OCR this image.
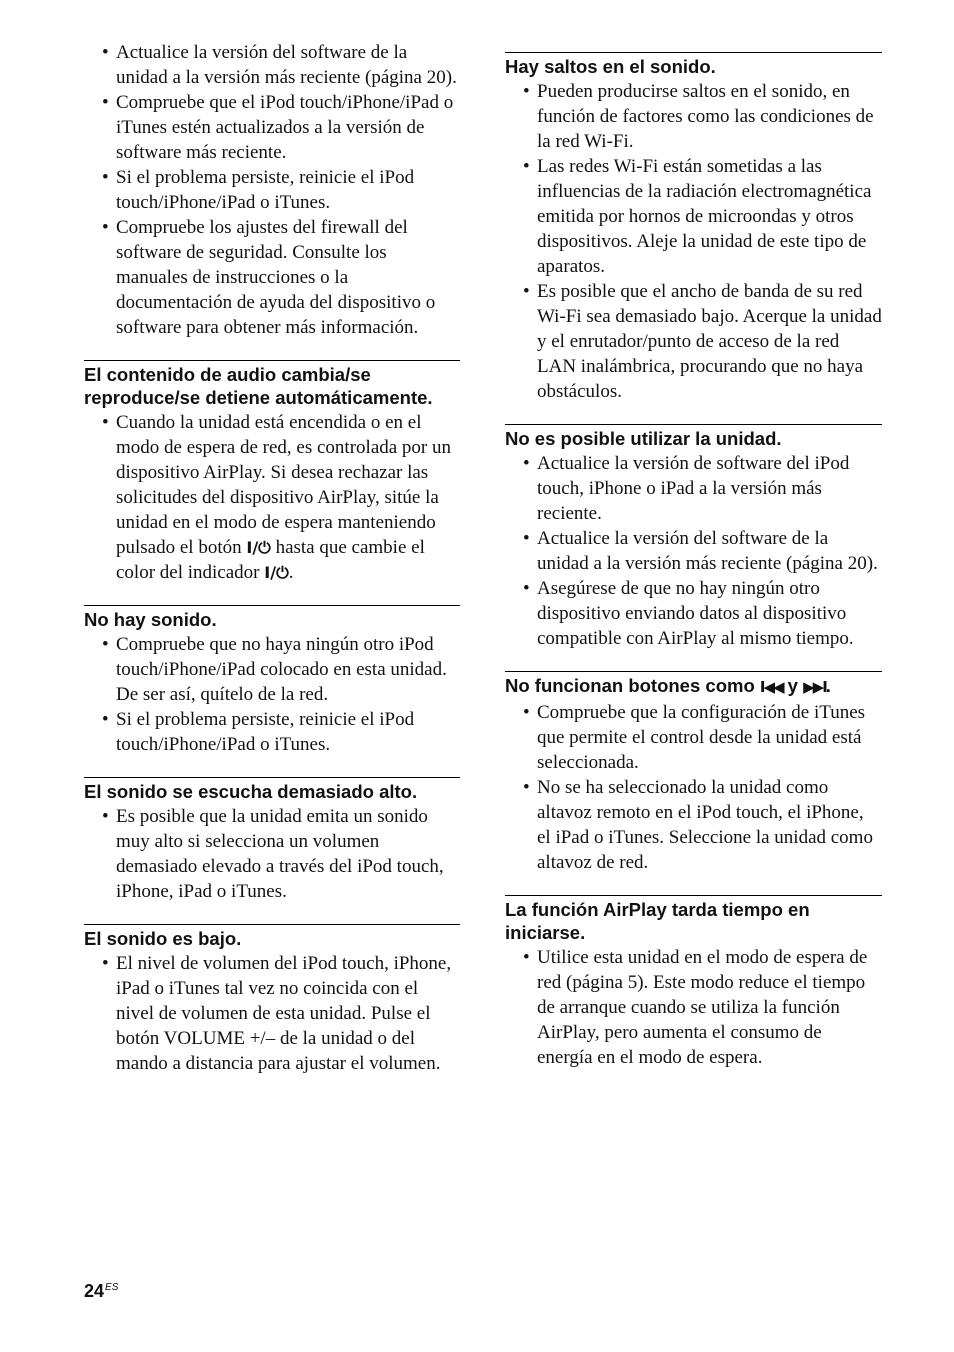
• Actualice la versión del software de la unidad a la versión más reciente (página 20).
• Compruebe que el iPod touch/iPhone/iPad o iTunes estén actualizados a la versión de software más reciente.
• Si el problema persiste, reinicie el iPod touch/iPhone/iPad o iTunes.
• Compruebe los ajustes del firewall del software de seguridad. Consulte los manuales de instrucciones o la documentación de ayuda del dispositivo o software para obtener más información.
El contenido de audio cambia/se reproduce/se detiene automáticamente.
• Cuando la unidad está encendida o en el modo de espera de red, es controlada por un dispositivo AirPlay. Si desea rechazar las solicitudes del dispositivo AirPlay, sitúe la unidad en el modo de espera manteniendo pulsado el botón I/⏻ hasta que cambie el color del indicador I/⏻.
No hay sonido.
• Compruebe que no haya ningún otro iPod touch/iPhone/iPad colocado en esta unidad. De ser así, quítelo de la red.
• Si el problema persiste, reinicie el iPod touch/iPhone/iPad o iTunes.
El sonido se escucha demasiado alto.
• Es posible que la unidad emita un sonido muy alto si selecciona un volumen demasiado elevado a través del iPod touch, iPhone, iPad o iTunes.
El sonido es bajo.
• El nivel de volumen del iPod touch, iPhone, iPad o iTunes tal vez no coincida con el nivel de volumen de esta unidad. Pulse el botón VOLUME +/– de la unidad o del mando a distancia para ajustar el volumen.
Hay saltos en el sonido.
• Pueden producirse saltos en el sonido, en función de factores como las condiciones de la red Wi-Fi.
• Las redes Wi-Fi están sometidas a las influencias de la radiación electromagnética emitida por hornos de microondas y otros dispositivos. Aleje la unidad de este tipo de aparatos.
• Es posible que el ancho de banda de su red Wi-Fi sea demasiado bajo. Acerque la unidad y el enrutador/punto de acceso de la red LAN inalámbrica, procurando que no haya obstáculos.
No es posible utilizar la unidad.
• Actualice la versión de software del iPod touch, iPhone o iPad a la versión más reciente.
• Actualice la versión del software de la unidad a la versión más reciente (página 20).
• Asegúrese de que no hay ningún otro dispositivo enviando datos al dispositivo compatible con AirPlay al mismo tiempo.
No funcionan botones como I◀◀ y ▶▶I.
• Compruebe que la configuración de iTunes que permite el control desde la unidad está seleccionada.
• No se ha seleccionado la unidad como altavoz remoto en el iPod touch, el iPhone, el iPad o iTunes. Seleccione la unidad como altavoz de red.
La función AirPlay tarda tiempo en iniciarse.
• Utilice esta unidad en el modo de espera de red (página 5). Este modo reduce el tiempo de arranque cuando se utiliza la función AirPlay, pero aumenta el consumo de energía en el modo de espera.
$24^{ES}$
